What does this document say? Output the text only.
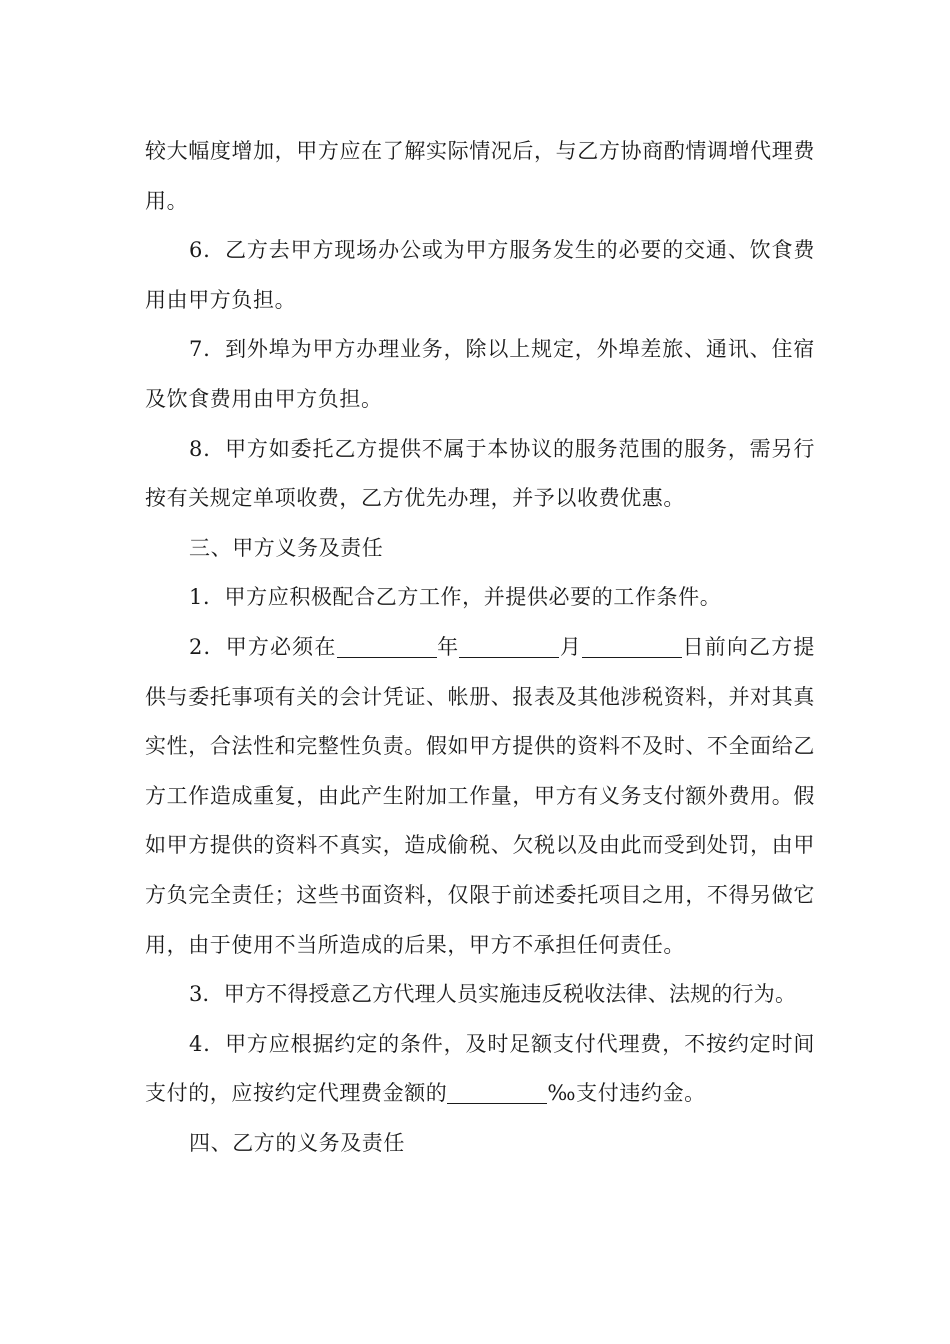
较大幅度增加，甲方应在了解实际情况后，与乙方协商酌情调增代理费用。

6．乙方去甲方现场办公或为甲方服务发生的必要的交通、饮食费用由甲方负担。

7．到外埠为甲方办理业务，除以上规定，外埠差旅、通讯、住宿及饮食费用由甲方负担。

8．甲方如委托乙方提供不属于本协议的服务范围的服务，需另行按有关规定单项收费，乙方优先办理，并予以收费优惠。

三、甲方义务及责任

1．甲方应积极配合乙方工作，并提供必要的工作条件。

2．甲方必须在	年	月	日前向乙方提供与委托事项有关的会计凭证、帐册、报表及其他涉税资料，并对其真实性，合法性和完整性负责。假如甲方提供的资料不及时、不全面给乙方工作造成重复，由此产生附加工作量，甲方有义务支付额外费用。假如甲方提供的资料不真实，造成偷税、欠税以及由此而受到处罚，由甲方负完全责任；这些书面资料，仅限于前述委托项目之用，不得另做它用，由于使用不当所造成的后果，甲方不承担任何责任。

3．甲方不得授意乙方代理人员实施违反税收法律、法规的行为。

4．甲方应根据约定的条件，及时足额支付代理费，不按约定时间支付的，应按约定代理费金额的	‰支付违约金。

四、乙方的义务及责任
